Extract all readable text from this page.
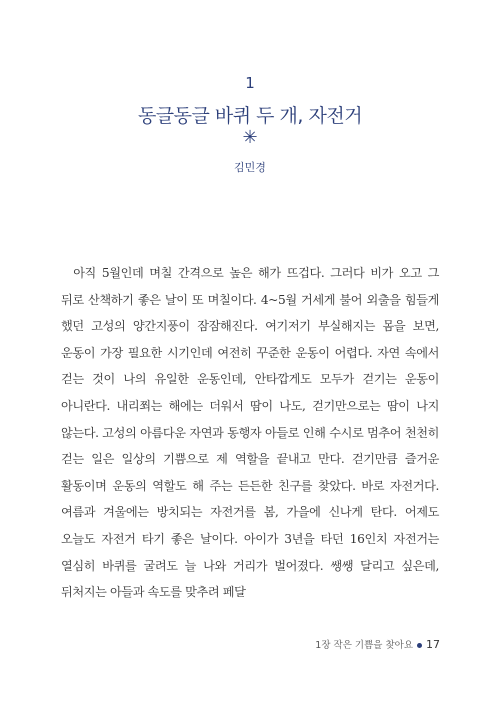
1
동글동글 바퀴 두 개, 자전거
✳
김민경

아직 5월인데 며칠 간격으로 높은 해가 뜨겁다. 그러다 비가 오고 그 뒤로 산책하기 좋은 날이 또 며칠이다. 4~5월 거세게 불어 외출을 힘들게 했던 고성의 양간지풍이 잠잠해진다. 여기저기 부실해지는 몸을 보면, 운동이 가장 필요한 시기인데 여전히 꾸준한 운동이 어렵다. 자연 속에서 걷는 것이 나의 유일한 운동인데, 안타깝게도 모두가 걷기는 운동이 아니란다. 내리쬐는 해에는 더워서 땀이 나도, 걷기만으로는 땀이 나지 않는다. 고성의 아름다운 자연과 동행자 아들로 인해 수시로 멈추어 천천히 걷는 일은 일상의 기쁨으로 제 역할을 끝내고 만다. 걷기만큼 즐거운 활동이며 운동의 역할도 해 주는 든든한 친구를 찾았다. 바로 자전거다. 여름과 겨울에는 방치되는 자전거를 봄, 가을에 신나게 탄다. 어제도 오늘도 자전거 타기 좋은 날이다. 아이가 3년을 타던 16인치 자전거는 열심히 바퀴를 굴려도 늘 나와 거리가 벌어졌다. 쌩쌩 달리고 싶은데, 뒤처지는 아들과 속도를 맞추려 페달

1장 작은 기쁨을 찾아요 17
